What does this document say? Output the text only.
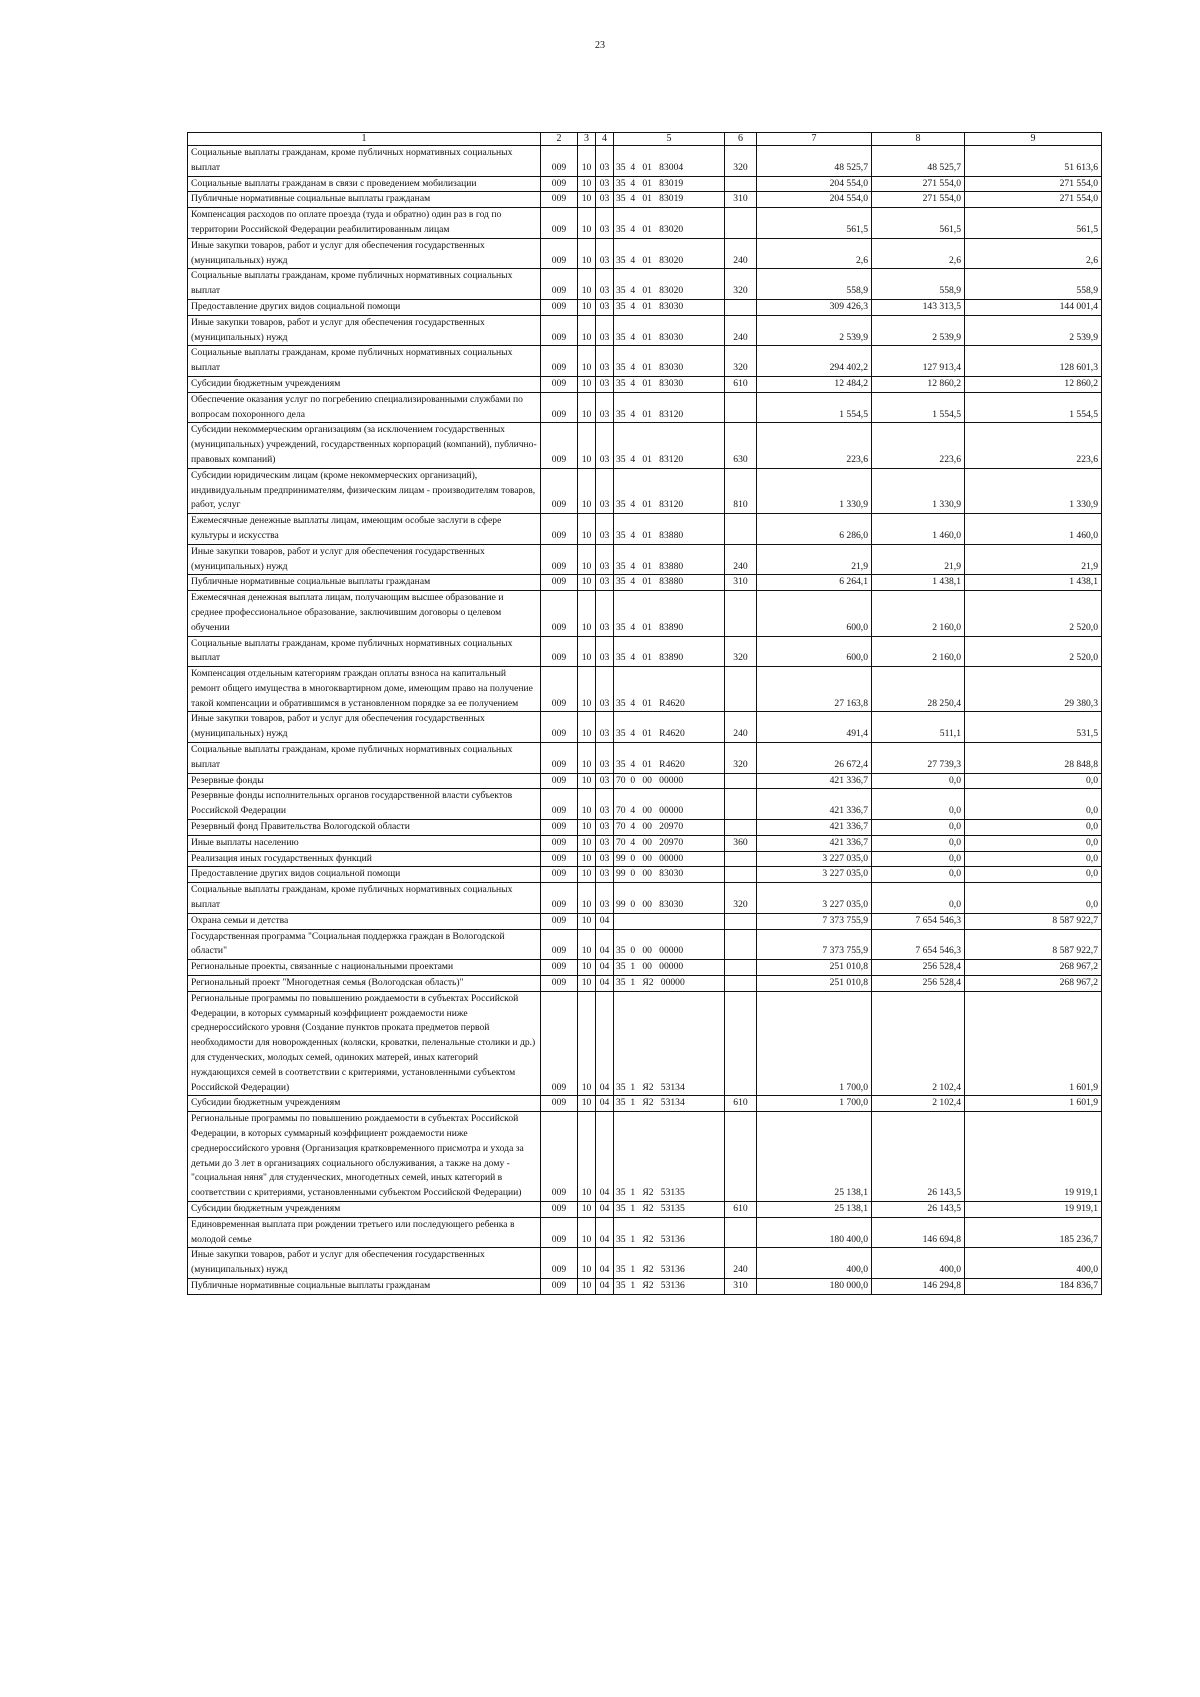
23
1	2	3	4	5	6	7	8	9
Социальные выплаты гражданам, кроме публичных нормативных социальных выплат	009	10	03	35  4   01   83004	320	48 525,7	48 525,7	51 613,6
Социальные выплаты гражданам в связи с проведением мобилизации	009	10	03	35  4   01   83019		204 554,0	271 554,0	271 554,0
Публичные нормативные социальные выплаты гражданам	009	10	03	35  4   01   83019	310	204 554,0	271 554,0	271 554,0
Компенсация расходов по оплате проезда (туда и обратно) один раз в год по территории Российской Федерации реабилитированным лицам	009	10	03	35  4   01   83020		561,5	561,5	561,5
Иные закупки товаров, работ и услуг для обеспечения государственных (муниципальных) нужд	009	10	03	35  4   01   83020	240	2,6	2,6	2,6
Социальные выплаты гражданам, кроме публичных нормативных социальных выплат	009	10	03	35  4   01   83020	320	558,9	558,9	558,9
Предоставление других видов социальной помощи	009	10	03	35  4   01   83030		309 426,3	143 313,5	144 001,4
Иные закупки товаров, работ и услуг для обеспечения государственных (муниципальных) нужд	009	10	03	35  4   01   83030	240	2 539,9	2 539,9	2 539,9
Социальные выплаты гражданам, кроме публичных нормативных социальных выплат	009	10	03	35  4   01   83030	320	294 402,2	127 913,4	128 601,3
Субсидии бюджетным учреждениям	009	10	03	35  4   01   83030	610	12 484,2	12 860,2	12 860,2
Обеспечение оказания услуг по погребению специализированными службами по вопросам похоронного дела	009	10	03	35  4   01   83120		1 554,5	1 554,5	1 554,5
Субсидии некоммерческим организациям (за исключением государственных (муниципальных) учреждений, государственных корпораций (компаний), публично-правовых компаний)	009	10	03	35  4   01   83120	630	223,6	223,6	223,6
Субсидии юридическим лицам (кроме некоммерческих организаций), индивидуальным предпринимателям, физическим лицам - производителям товаров, работ, услуг	009	10	03	35  4   01   83120	810	1 330,9	1 330,9	1 330,9
Ежемесячные денежные выплаты лицам, имеющим особые заслуги в сфере культуры и искусства	009	10	03	35  4   01   83880		6 286,0	1 460,0	1 460,0
Иные закупки товаров, работ и услуг для обеспечения государственных (муниципальных) нужд	009	10	03	35  4   01   83880	240	21,9	21,9	21,9
Публичные нормативные социальные выплаты гражданам	009	10	03	35  4   01   83880	310	6 264,1	1 438,1	1 438,1
Ежемесячная денежная выплата лицам, получающим высшее образование и среднее профессиональное образование, заключившим договоры о целевом обучении	009	10	03	35  4   01   83890		600,0	2 160,0	2 520,0
Социальные выплаты гражданам, кроме публичных нормативных социальных выплат	009	10	03	35  4   01   83890	320	600,0	2 160,0	2 520,0
Компенсация отдельным категориям граждан оплаты взноса на капитальный ремонт общего имущества в многоквартирном доме, имеющим право на получение такой компенсации и обратившимся в установленном порядке за ее получением	009	10	03	35  4   01   R4620		27 163,8	28 250,4	29 380,3
Иные закупки товаров, работ и услуг для обеспечения государственных (муниципальных) нужд	009	10	03	35  4   01   R4620	240	491,4	511,1	531,5
Социальные выплаты гражданам, кроме публичных нормативных социальных выплат	009	10	03	35  4   01   R4620	320	26 672,4	27 739,3	28 848,8
Резервные фонды	009	10	03	70  0   00   00000		421 336,7	0,0	0,0
Резервные фонды исполнительных органов государственной власти субъектов Российской Федерации	009	10	03	70  4   00   00000		421 336,7	0,0	0,0
Резервный фонд Правительства Вологодской области	009	10	03	70  4   00   20970		421 336,7	0,0	0,0
Иные выплаты населению	009	10	03	70  4   00   20970	360	421 336,7	0,0	0,0
Реализация иных государственных функций	009	10	03	99  0   00   00000		3 227 035,0	0,0	0,0
Предоставление других видов социальной помощи	009	10	03	99  0   00   83030		3 227 035,0	0,0	0,0
Социальные выплаты гражданам, кроме публичных нормативных социальных выплат	009	10	03	99  0   00   83030	320	3 227 035,0	0,0	0,0
Охрана семьи и детства	009	10	04			7 373 755,9	7 654 546,3	8 587 922,7
Государственная программа "Социальная поддержка граждан в Вологодской области"	009	10	04	35  0   00   00000		7 373 755,9	7 654 546,3	8 587 922,7
Региональные проекты, связанные с национальными проектами	009	10	04	35  1   00   00000		251 010,8	256 528,4	268 967,2
Региональный проект "Многодетная семья (Вологодская область)"	009	10	04	35  1   Я2   00000		251 010,8	256 528,4	268 967,2
Региональные программы по повышению рождаемости в субъектах Российской Федерации, в которых суммарный коэффициент рождаемости ниже среднероссийского уровня (Создание пунктов проката предметов первой необходимости для новорожденных (коляски, кроватки, пеленальные столики и др.) для студенческих, молодых семей, одиноких матерей, иных категорий нуждающихся семей в соответствии с критериями, установленными субъектом Российской Федерации)	009	10	04	35  1   Я2   53134		1 700,0	2 102,4	1 601,9
Субсидии бюджетным учреждениям	009	10	04	35  1   Я2   53134	610	1 700,0	2 102,4	1 601,9
Региональные программы по повышению рождаемости в субъектах Российской Федерации, в которых суммарный коэффициент рождаемости ниже среднероссийского уровня (Организация кратковременного присмотра и ухода за детьми до 3 лет в организациях социального обслуживания, а также на дому - "социальная няня" для студенческих, многодетных семей, иных категорий в соответствии с критериями, установленными субъектом Российской Федерации)	009	10	04	35  1   Я2   53135		25 138,1	26 143,5	19 919,1
Субсидии бюджетным учреждениям	009	10	04	35  1   Я2   53135	610	25 138,1	26 143,5	19 919,1
Единовременная выплата при рождении третьего или последующего ребенка в молодой семье	009	10	04	35  1   Я2   53136		180 400,0	146 694,8	185 236,7
Иные закупки товаров, работ и услуг для обеспечения государственных (муниципальных) нужд	009	10	04	35  1   Я2   53136	240	400,0	400,0	400,0
Публичные нормативные социальные выплаты гражданам	009	10	04	35  1   Я2   53136	310	180 000,0	146 294,8	184 836,7
